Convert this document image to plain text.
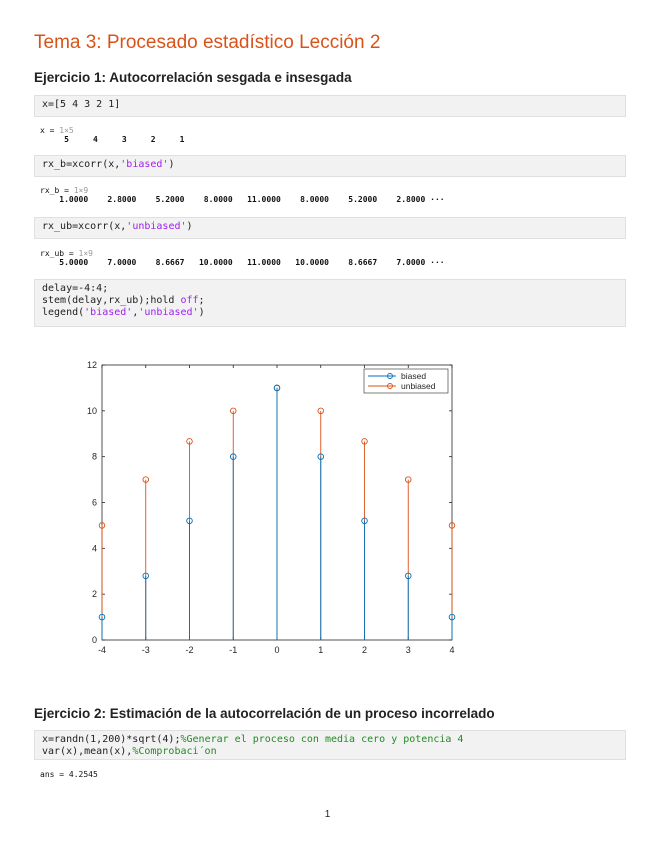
Tema 3: Procesado estadístico Lección 2
Ejercicio 1: Autocorrelación sesgada e insesgada
x=[5 4 3 2 1]
x = 1×5
5     4     3     2     1
rx_b=xcorr(x,'biased')
rx_b = 1×9
1.0000    2.8000    5.2000    8.0000   11.0000    8.0000    5.2000    2.8000 ···
rx_ub=xcorr(x,'unbiased')
rx_ub = 1×9
5.0000    7.0000    8.6667   10.0000   11.0000   10.0000    8.6667    7.0000 ···
delay=-4:4;
stem(delay,rx_ub);hold off;
legend('biased','unbiased')
-4	-3	-2	-1	0	1	2	3	4
0
2
4
6
8
10
12
biased
unbiased
Ejercicio 2: Estimación de la autocorrelación de un proceso incorrelado
x=randn(1,200)*sqrt(4);%Generar el proceso con media cero y potencia 4
var(x),mean(x),%Comprobaci´on
ans = 4.2545
1
